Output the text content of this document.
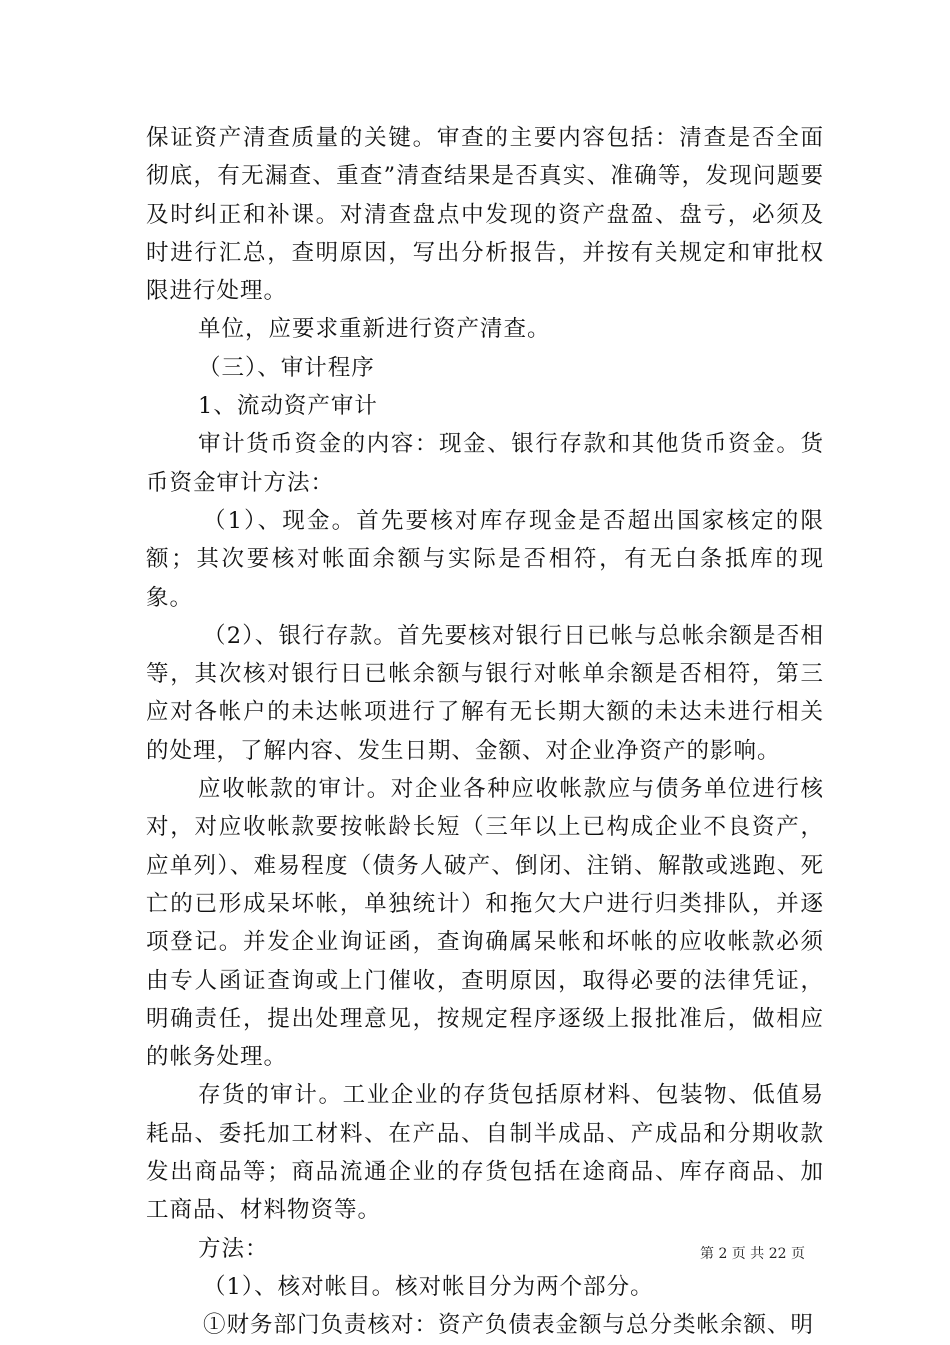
保证资产清查质量的关键。审查的主要内容包括：清查是否全面彻底，有无漏查、重查”清查结果是否真实、准确等，发现问题要及时纠正和补课。对清查盘点中发现的资产盘盈、盘亏，必须及时进行汇总，查明原因，写出分析报告，并按有关规定和审批权限进行处理。

单位，应要求重新进行资产清查。

（三）、审计程序

1、流动资产审计

审计货币资金的内容：现金、银行存款和其他货币资金。货币资金审计方法：

（1）、现金。首先要核对库存现金是否超出国家核定的限额；其次要核对帐面余额与实际是否相符，有无白条抵库的现象。

（2）、银行存款。首先要核对银行日已帐与总帐余额是否相等，其次核对银行日已帐余额与银行对帐单余额是否相符，第三应对各帐户的未达帐项进行了解有无长期大额的未达未进行相关的处理，了解内容、发生日期、金额、对企业净资产的影响。

应收帐款的审计。对企业各种应收帐款应与债务单位进行核对，对应收帐款要按帐龄长短（三年以上已构成企业不良资产，应单列）、难易程度（债务人破产、倒闭、注销、解散或逃跑、死亡的已形成呆坏帐，单独统计）和拖欠大户进行归类排队，并逐项登记。并发企业询证函，查询确属呆帐和坏帐的应收帐款必须由专人函证查询或上门催收，查明原因，取得必要的法律凭证，明确责任，提出处理意见，按规定程序逐级上报批准后，做相应的帐务处理。

存货的审计。工业企业的存货包括原材料、包装物、低值易耗品、委托加工材料、在产品、自制半成品、产成品和分期收款发出商品等；商品流通企业的存货包括在途商品、库存商品、加工商品、材料物资等。

方法：

（1）、核对帐目。核对帐目分为两个部分。

①财务部门负责核对：资产负债表金额与总分类帐余额、明

第 2 页 共 22 页
